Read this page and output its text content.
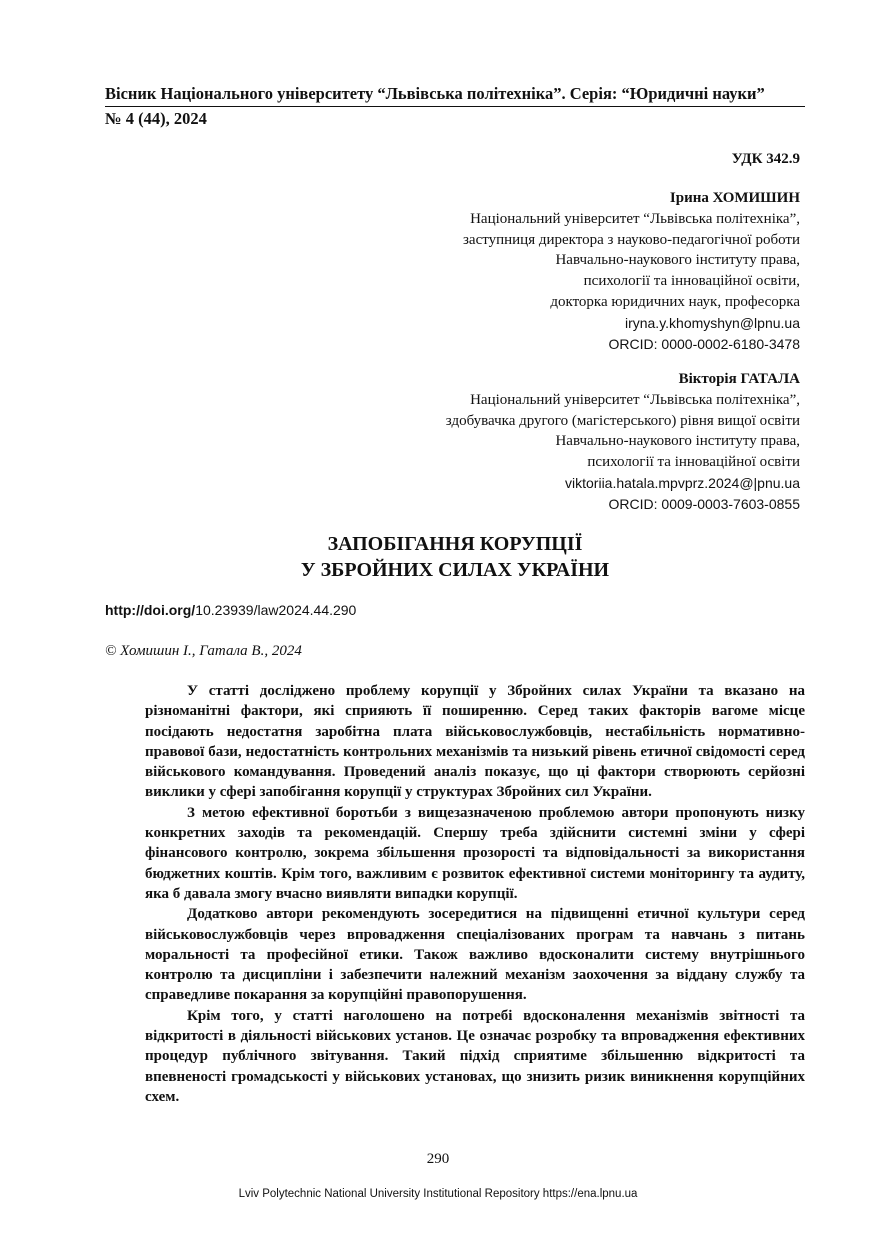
Вісник Національного університету “Львівська політехніка”. Серія: “Юридичні науки”
№ 4 (44), 2024
УДК 342.9
Ірина ХОМИШИН
Національний університет “Львівська політехніка”,
заступниця директора з науково-педагогічної роботи
Навчально-наукового інституту права,
психології та інноваційної освіти,
докторка юридичних наук, професорка
iryna.y.khomyshyn@lpnu.ua
ORCID: 0000-0002-6180-3478
Вікторія ГАТАЛА
Національний університет “Львівська політехніка”,
здобувачка другого (магістерського) рівня вищої освіти
Навчально-наукового інституту права,
психології та інноваційної освіти
viktoriia.hatala.mpvprz.2024@|pnu.ua
ORCID: 0009-0003-7603-0855
ЗАПОБІГАННЯ КОРУПЦІЇ
У ЗБРОЙНИХ СИЛАХ УКРАЇНИ
http://doi.org/10.23939/law2024.44.290
© Хомишин І., Гатала В., 2024

У статті досліджено проблему корупції у Збройних силах України та вказано на різноманітні фактори, які сприяють її поширенню. Серед таких факторів вагоме місце посідають недостатня заробітна плата військовослужбовців, нестабільність нормативно-правової бази, недостатність контрольних механізмів та низький рівень етичної свідомості серед військового командування. Проведений аналіз показує, що ці фактори створюють серйозні виклики у сфері запобігання корупції у структурах Збройних сил України.

З метою ефективної боротьби з вищезазначеною проблемою автори пропонують низку конкретних заходів та рекомендацій. Спершу треба здійснити системні зміни у сфері фінансового контролю, зокрема збільшення прозорості та відповідальності за використання бюджетних коштів. Крім того, важливим є розвиток ефективної системи моніторингу та аудиту, яка б давала змогу вчасно виявляти випадки корупції.

Додатково автори рекомендують зосередитися на підвищенні етичної культури серед військовослужбовців через впровадження спеціалізованих програм та навчань з питань моральності та професійної етики. Також важливо вдосконалити систему внутрішнього контролю та дисципліни і забезпечити належний механізм заохочення за віддану службу та справедливе покарання за корупційні правопорушення.

Крім того, у статті наголошено на потребі вдосконалення механізмів звітності та відкритості в діяльності військових установ. Це означає розробку та впровадження ефективних процедур публічного звітування. Такий підхід сприятиме збільшенню відкритості та впевненості громадськості у військових установах, що знизить ризик виникнення корупційних схем.

290
Lviv Polytechnic National University Institutional Repository https://ena.lpnu.ua
